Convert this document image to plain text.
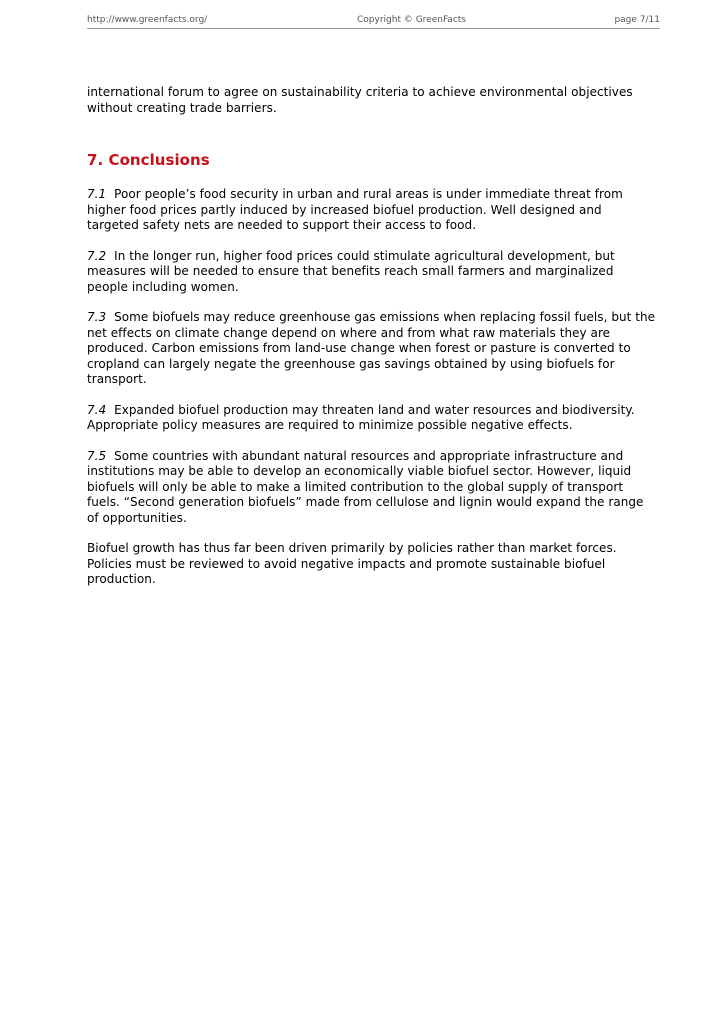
http://www.greenfacts.org/	Copyright © GreenFacts	page 7/11

international forum to agree on sustainability criteria to achieve environmental objectives without creating trade barriers.

7. Conclusions

7.1 Poor people’s food security in urban and rural areas is under immediate threat from higher food prices partly induced by increased biofuel production. Well designed and targeted safety nets are needed to support their access to food.

7.2 In the longer run, higher food prices could stimulate agricultural development, but measures will be needed to ensure that benefits reach small farmers and marginalized people including women.

7.3 Some biofuels may reduce greenhouse gas emissions when replacing fossil fuels, but the net effects on climate change depend on where and from what raw materials they are produced. Carbon emissions from land-use change when forest or pasture is converted to cropland can largely negate the greenhouse gas savings obtained by using biofuels for transport.

7.4 Expanded biofuel production may threaten land and water resources and biodiversity. Appropriate policy measures are required to minimize possible negative effects.

7.5 Some countries with abundant natural resources and appropriate infrastructure and institutions may be able to develop an economically viable biofuel sector. However, liquid biofuels will only be able to make a limited contribution to the global supply of transport fuels. “Second generation biofuels” made from cellulose and lignin would expand the range of opportunities.

Biofuel growth has thus far been driven primarily by policies rather than market forces. Policies must be reviewed to avoid negative impacts and promote sustainable biofuel production.
